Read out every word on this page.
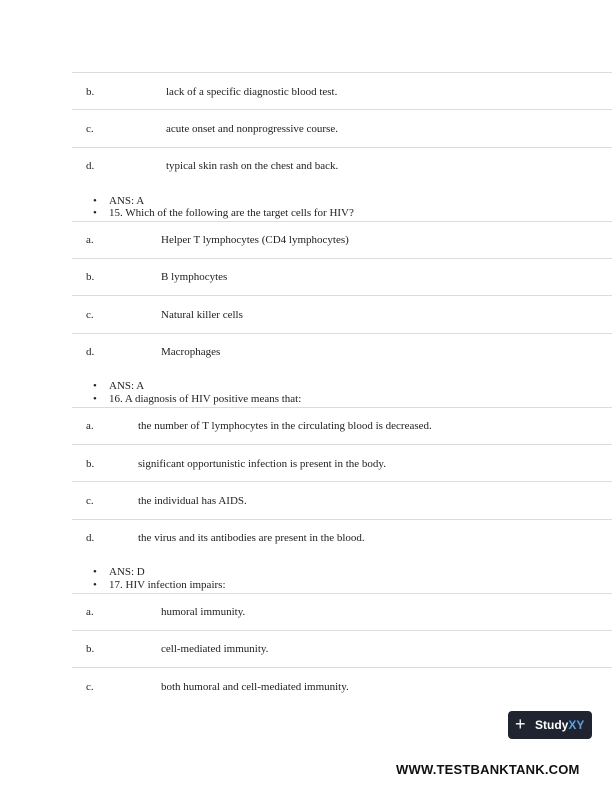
b.	lack of a specific diagnostic blood test.
c.	acute onset and nonprogressive course.
d.	typical skin rash on the chest and back.
• ANS: A
• 15. Which of the following are the target cells for HIV?
a.	Helper T lymphocytes (CD4 lymphocytes)
b.	B lymphocytes
c.	Natural killer cells
d.	Macrophages
• ANS: A
• 16. A diagnosis of HIV positive means that:
a.	the number of T lymphocytes in the circulating blood is decreased.
b.	significant opportunistic infection is present in the body.
c.	the individual has AIDS.
d.	the virus and its antibodies are present in the blood.
• ANS: D
• 17. HIV infection impairs:
a.	humoral immunity.
b.	cell-mediated immunity.
c.	both humoral and cell-mediated immunity.
+ StudyXY
WWW.TESTBANKTANK.COM
